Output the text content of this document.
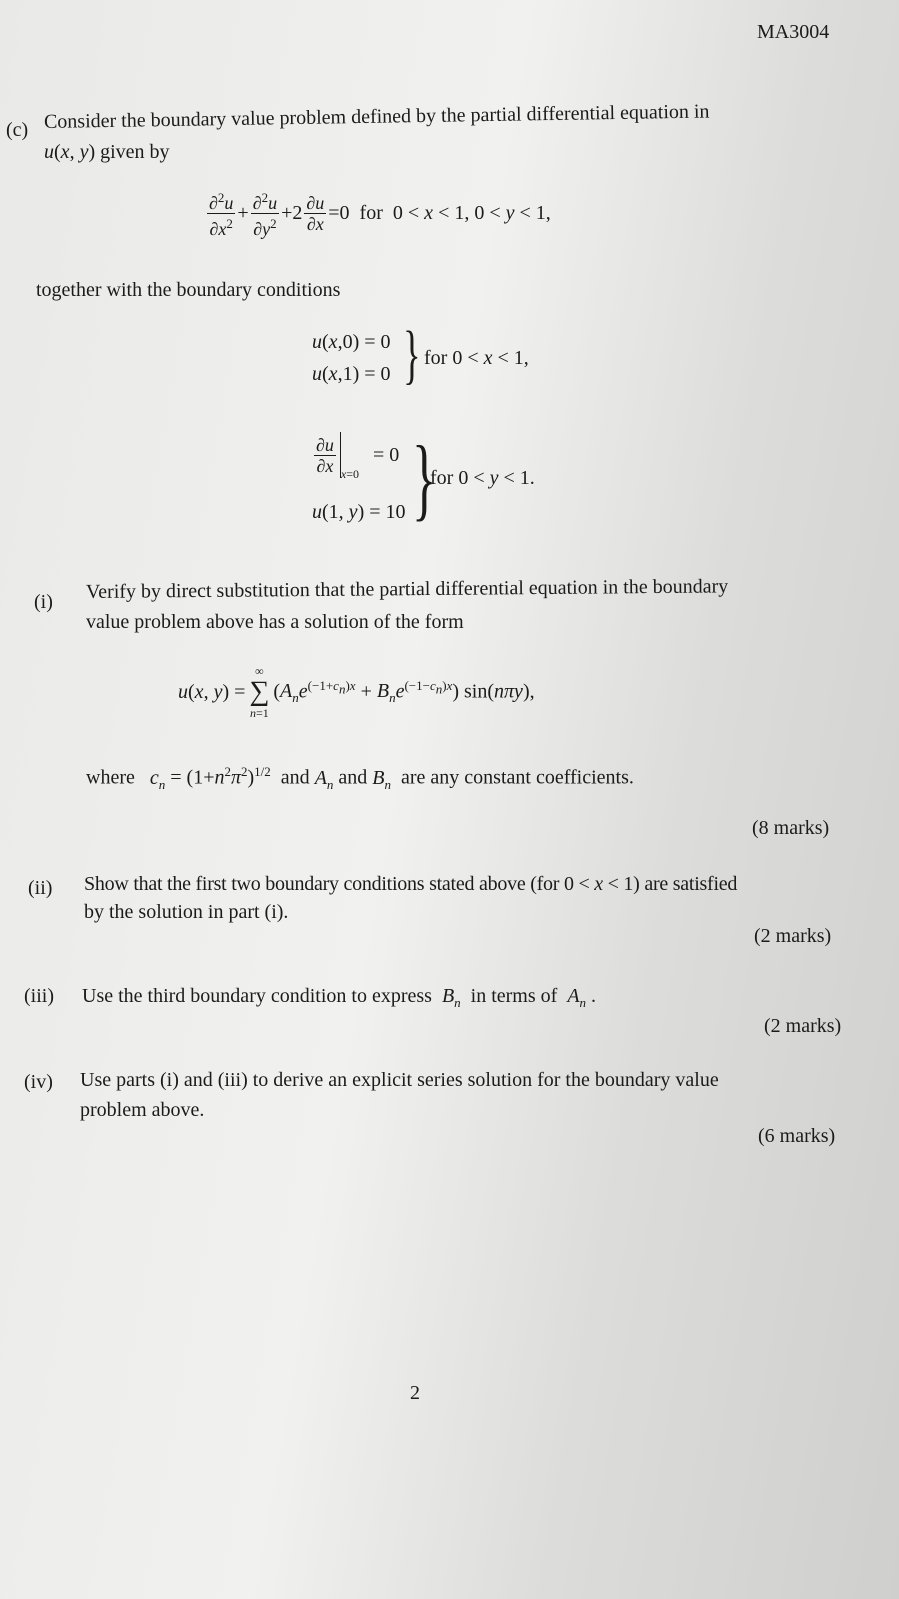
MA3004
(c) Consider the boundary value problem defined by the partial differential equation in
u(x, y) given by
$\frac{\partial^2u}{\partial x^2} + \frac{\partial^2u}{\partial y^2} +2 \frac{\partial u}{\partial x} =0$  for  0 < x < 1, 0 < y < 1,
together with the boundary conditions
u(x,0) = 0
u(x,1) = 0 } for 0 < x < 1,
$\frac{\partial u}{\partial x} x=0$
= 0
u(1, y) = 10 }
for 0 < y < 1.
(i) Verify by direct substitution that the partial differential equation in the boundary
value problem above has a solution of the form
u(x, y) =
∞
∑
n=1
$(A_ne^{(-1+c_n)x} + B_ne^{(-1-c_n)x})$ sin(nπy),
where   $c_n = (1+n^2\pi^2)^{1/2}$  and $A_n$ and $B_n$  are any constant coefficients.
(8 marks)
(ii) Show that the first two boundary conditions stated above (for 0 < x < 1) are satisfied
by the solution in part (i).
(2 marks)
(iii) Use the third boundary condition to express  $B_n$  in terms of  $A_n$ .
(2 marks)
(iv) Use parts (i) and (iii) to derive an explicit series solution for the boundary value
problem above.
(6 marks)
2
